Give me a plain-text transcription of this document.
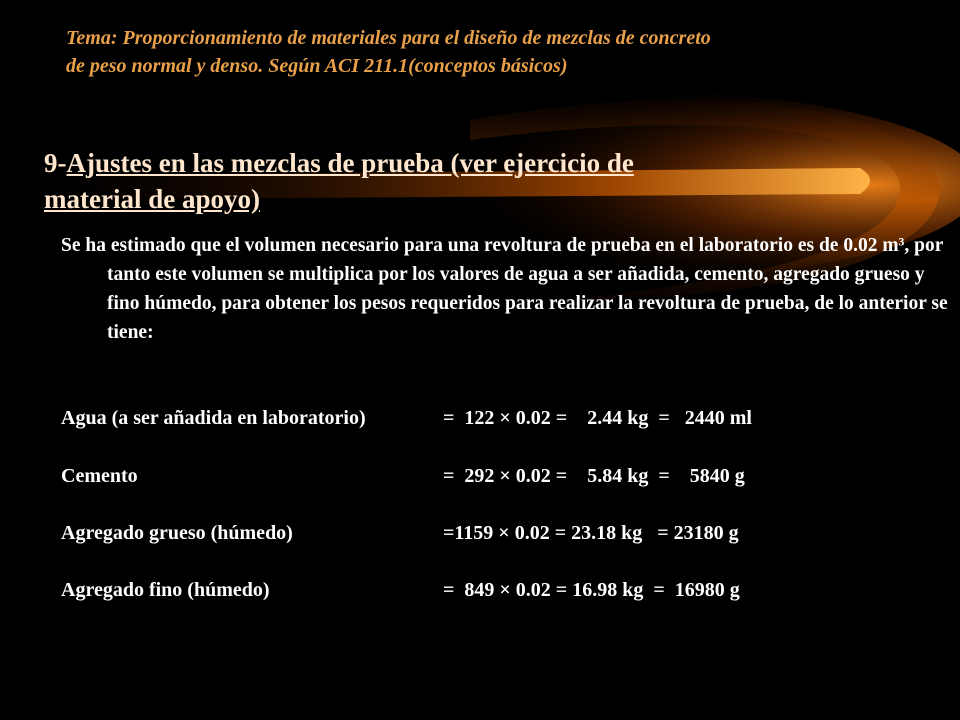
Tema: Proporcionamiento de materiales para el diseño de mezclas de concreto
de peso normal y denso. Según ACI 211.1(conceptos básicos)
9-Ajustes en las mezclas de prueba (ver ejercicio de
material de apoyo)
Se ha estimado que el volumen necesario para una revoltura de prueba en el laboratorio es de 0.02 m³, por tanto este volumen se multiplica por los valores de agua a ser añadida, cemento, agregado grueso y fino húmedo, para obtener los pesos requeridos para realizar la revoltura de prueba, de lo anterior se tiene:
Agua (a ser añadida en laboratorio)	=  122 × 0.02 =    2.44 kg  =   2440 ml
Cemento	=  292 × 0.02 =    5.84 kg  =    5840 g
Agregado grueso (húmedo)	=1159 × 0.02 = 23.18 kg   = 23180 g
Agregado fino (húmedo)	=  849 × 0.02 = 16.98 kg  =  16980 g
